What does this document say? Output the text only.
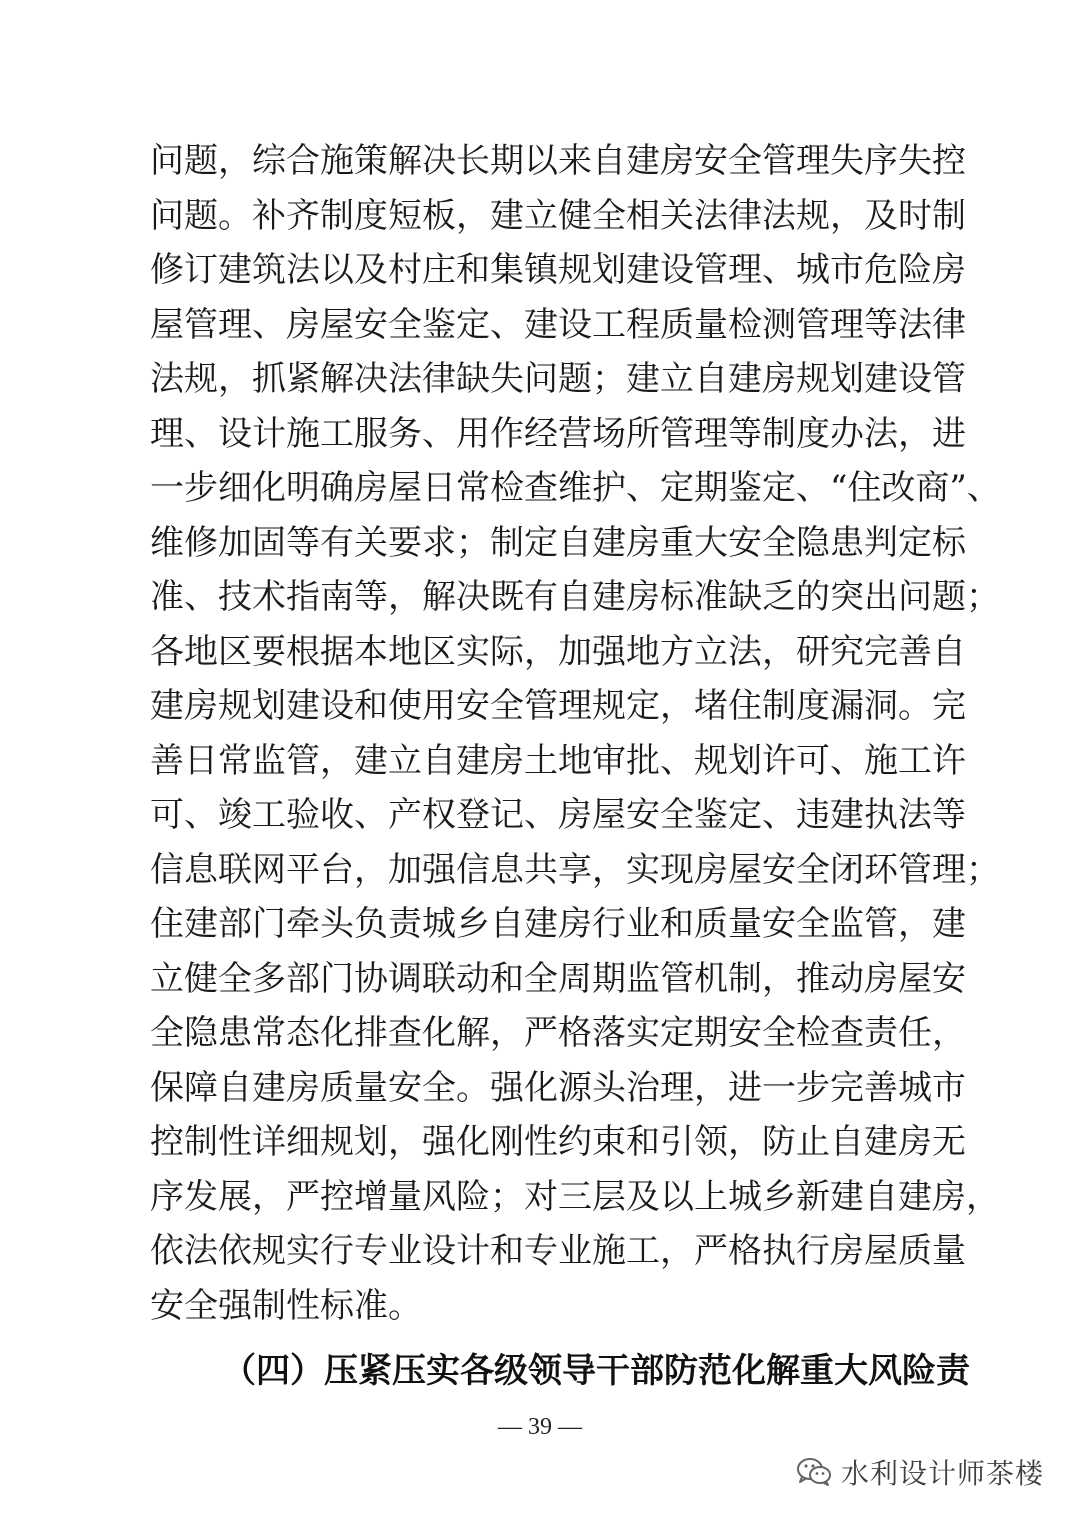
问题，综合施策解决长期以来自建房安全管理失序失控
问题。补齐制度短板，建立健全相关法律法规，及时制
修订建筑法以及村庄和集镇规划建设管理、城市危险房
屋管理、房屋安全鉴定、建设工程质量检测管理等法律
法规，抓紧解决法律缺失问题；建立自建房规划建设管
理、设计施工服务、用作经营场所管理等制度办法，进
一步细化明确房屋日常检查维护、定期鉴定、“住改商”、
维修加固等有关要求；制定自建房重大安全隐患判定标
准、技术指南等，解决既有自建房标准缺乏的突出问题；
各地区要根据本地区实际，加强地方立法，研究完善自
建房规划建设和使用安全管理规定，堵住制度漏洞。完
善日常监管，建立自建房土地审批、规划许可、施工许
可、竣工验收、产权登记、房屋安全鉴定、违建执法等
信息联网平台，加强信息共享，实现房屋安全闭环管理；
住建部门牵头负责城乡自建房行业和质量安全监管，建
立健全多部门协调联动和全周期监管机制，推动房屋安
全隐患常态化排查化解，严格落实定期安全检查责任，
保障自建房质量安全。强化源头治理，进一步完善城市
控制性详细规划，强化刚性约束和引领，防止自建房无
序发展，严控增量风险；对三层及以上城乡新建自建房，
依法依规实行专业设计和专业施工，严格执行房屋质量
安全强制性标准。
（四）压紧压实各级领导干部防范化解重大风险责
— 39 —
水利设计师茶楼
